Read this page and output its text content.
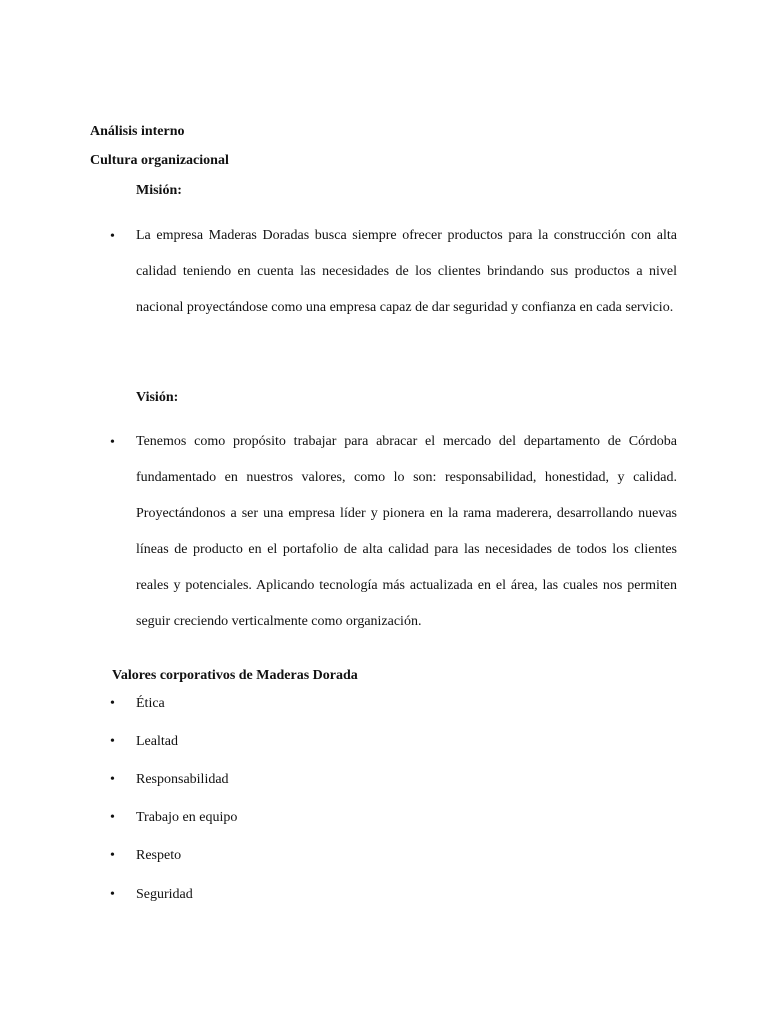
Análisis interno
Cultura organizacional
Misión:
• La empresa Maderas Doradas busca siempre ofrecer productos para la construcción con alta calidad teniendo en cuenta las necesidades de los clientes brindando sus productos a nivel nacional proyectándose como una empresa capaz de dar seguridad y confianza en cada servicio.

Visión:
• Tenemos como propósito trabajar para abracar el mercado del departamento de Córdoba fundamentado en nuestros valores, como lo son: responsabilidad, honestidad, y calidad. Proyectándonos a ser una empresa líder y pionera en la rama maderera, desarrollando nuevas líneas de producto en el portafolio de alta calidad para las necesidades de todos los clientes reales y potenciales. Aplicando tecnología más actualizada en el área, las cuales nos permiten seguir creciendo verticalmente como organización.

Valores corporativos de Maderas Dorada
• Ética
• Lealtad
• Responsabilidad
• Trabajo en equipo
• Respeto
• Seguridad
